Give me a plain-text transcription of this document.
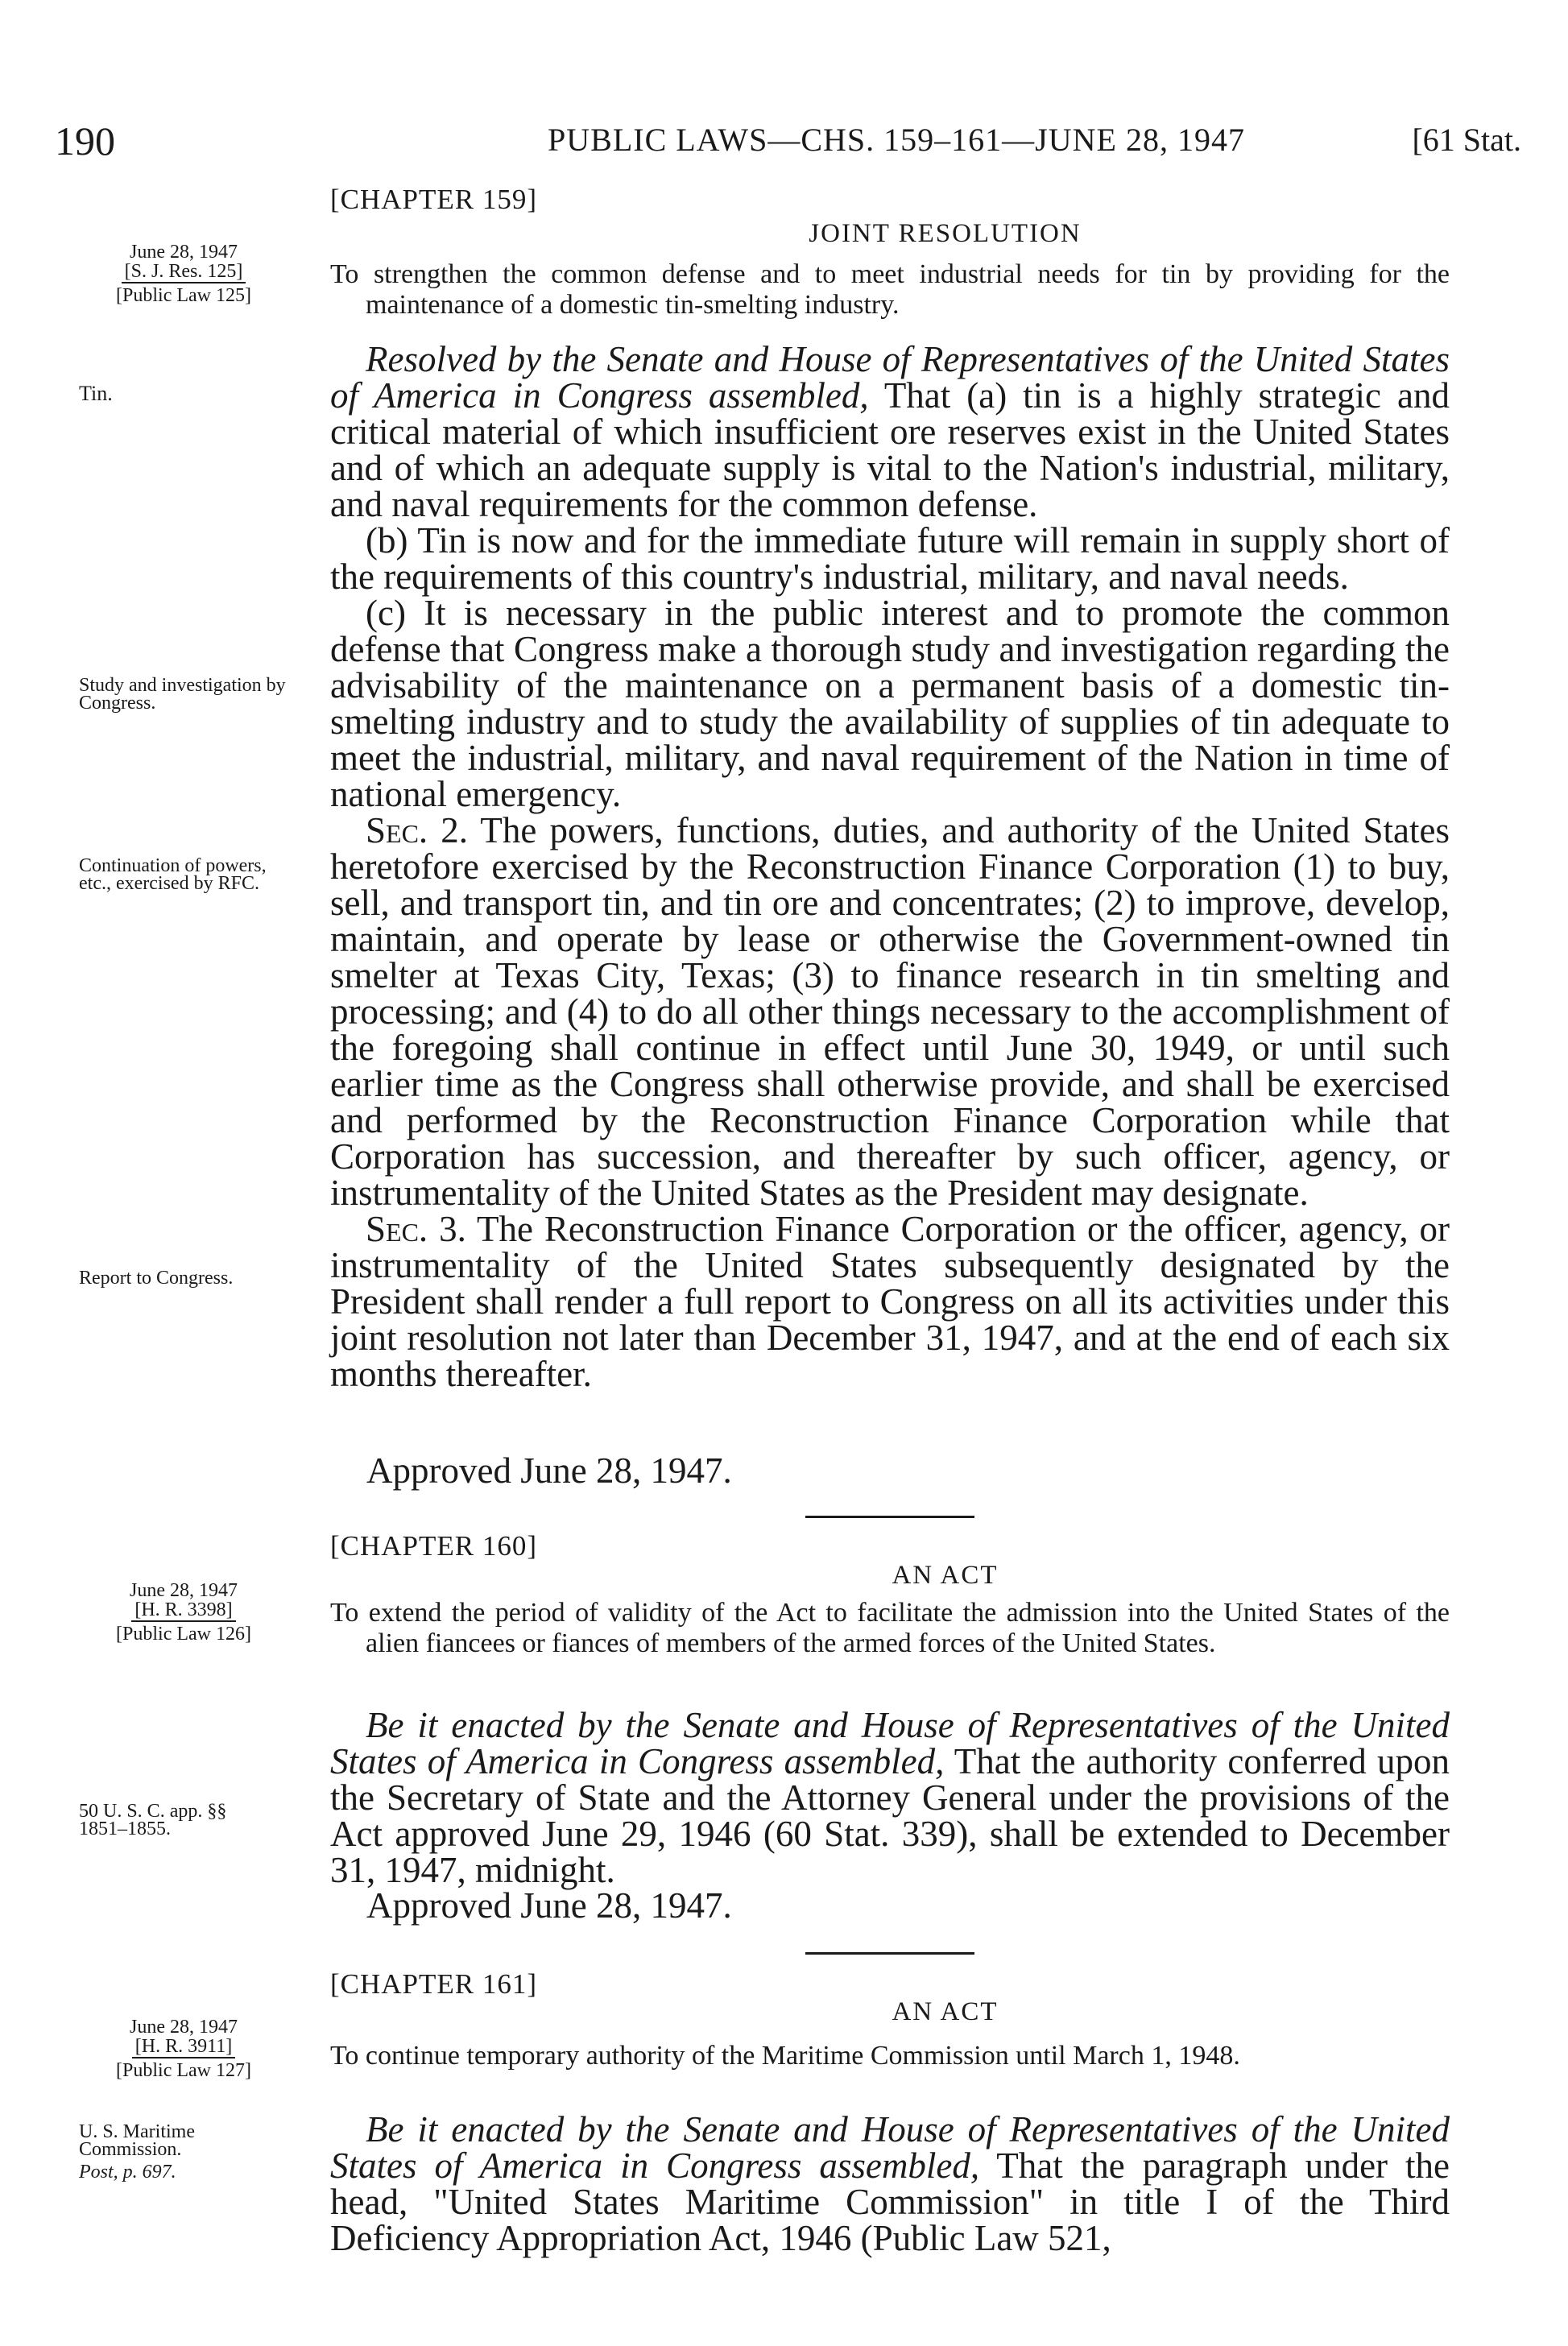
190	PUBLIC LAWS—CHS. 159–161—JUNE 28, 1947	[61 Stat.
[CHAPTER 159]
JOINT RESOLUTION
June 28, 1947
[S. J. Res. 125]
[Public Law 125]
To strengthen the common defense and to meet industrial needs for tin by providing for the maintenance of a domestic tin-smelting industry.
Tin.
Study and investigation by Congress.
Continuation of powers, etc., exercised by RFC.
Report to Congress.

Resolved by the Senate and House of Representatives of the United States of America in Congress assembled, That (a) tin is a highly strategic and critical material of which insufficient ore reserves exist in the United States and of which an adequate supply is vital to the Nation's industrial, military, and naval requirements for the common defense.

(b) Tin is now and for the immediate future will remain in supply short of the requirements of this country's industrial, military, and naval needs.

(c) It is necessary in the public interest and to promote the common defense that Congress make a thorough study and investigation regarding the advisability of the maintenance on a permanent basis of a domestic tin-smelting industry and to study the availability of supplies of tin adequate to meet the industrial, military, and naval requirement of the Nation in time of national emergency.

Sec. 2. The powers, functions, duties, and authority of the United States heretofore exercised by the Reconstruction Finance Corporation (1) to buy, sell, and transport tin, and tin ore and concentrates; (2) to improve, develop, maintain, and operate by lease or otherwise the Government-owned tin smelter at Texas City, Texas; (3) to finance research in tin smelting and processing; and (4) to do all other things necessary to the accomplishment of the foregoing shall continue in effect until June 30, 1949, or until such earlier time as the Congress shall otherwise provide, and shall be exercised and performed by the Reconstruction Finance Corporation while that Corporation has succession, and thereafter by such officer, agency, or instrumentality of the United States as the President may designate.

Sec. 3. The Reconstruction Finance Corporation or the officer, agency, or instrumentality of the United States subsequently designated by the President shall render a full report to Congress on all its activities under this joint resolution not later than December 31, 1947, and at the end of each six months thereafter.

Approved June 28, 1947.
[CHAPTER 160]
AN ACT
June 28, 1947
[H. R. 3398]
[Public Law 126]
To extend the period of validity of the Act to facilitate the admission into the United States of the alien fiancees or fiances of members of the armed forces of the United States.
50 U. S. C. app. §§ 1851–1855.

Be it enacted by the Senate and House of Representatives of the United States of America in Congress assembled, That the authority conferred upon the Secretary of State and the Attorney General under the provisions of the Act approved June 29, 1946 (60 Stat. 339), shall be extended to December 31, 1947, midnight.

Approved June 28, 1947.
[CHAPTER 161]
AN ACT
June 28, 1947
[H. R. 3911]
[Public Law 127]	To continue temporary authority of the Maritime Commission until March 1, 1948.
U. S. Maritime Commission.
Post, p. 697.

Be it enacted by the Senate and House of Representatives of the United States of America in Congress assembled, That the paragraph under the head, "United States Maritime Commission" in title I of the Third Deficiency Appropriation Act, 1946 (Public Law 521,
